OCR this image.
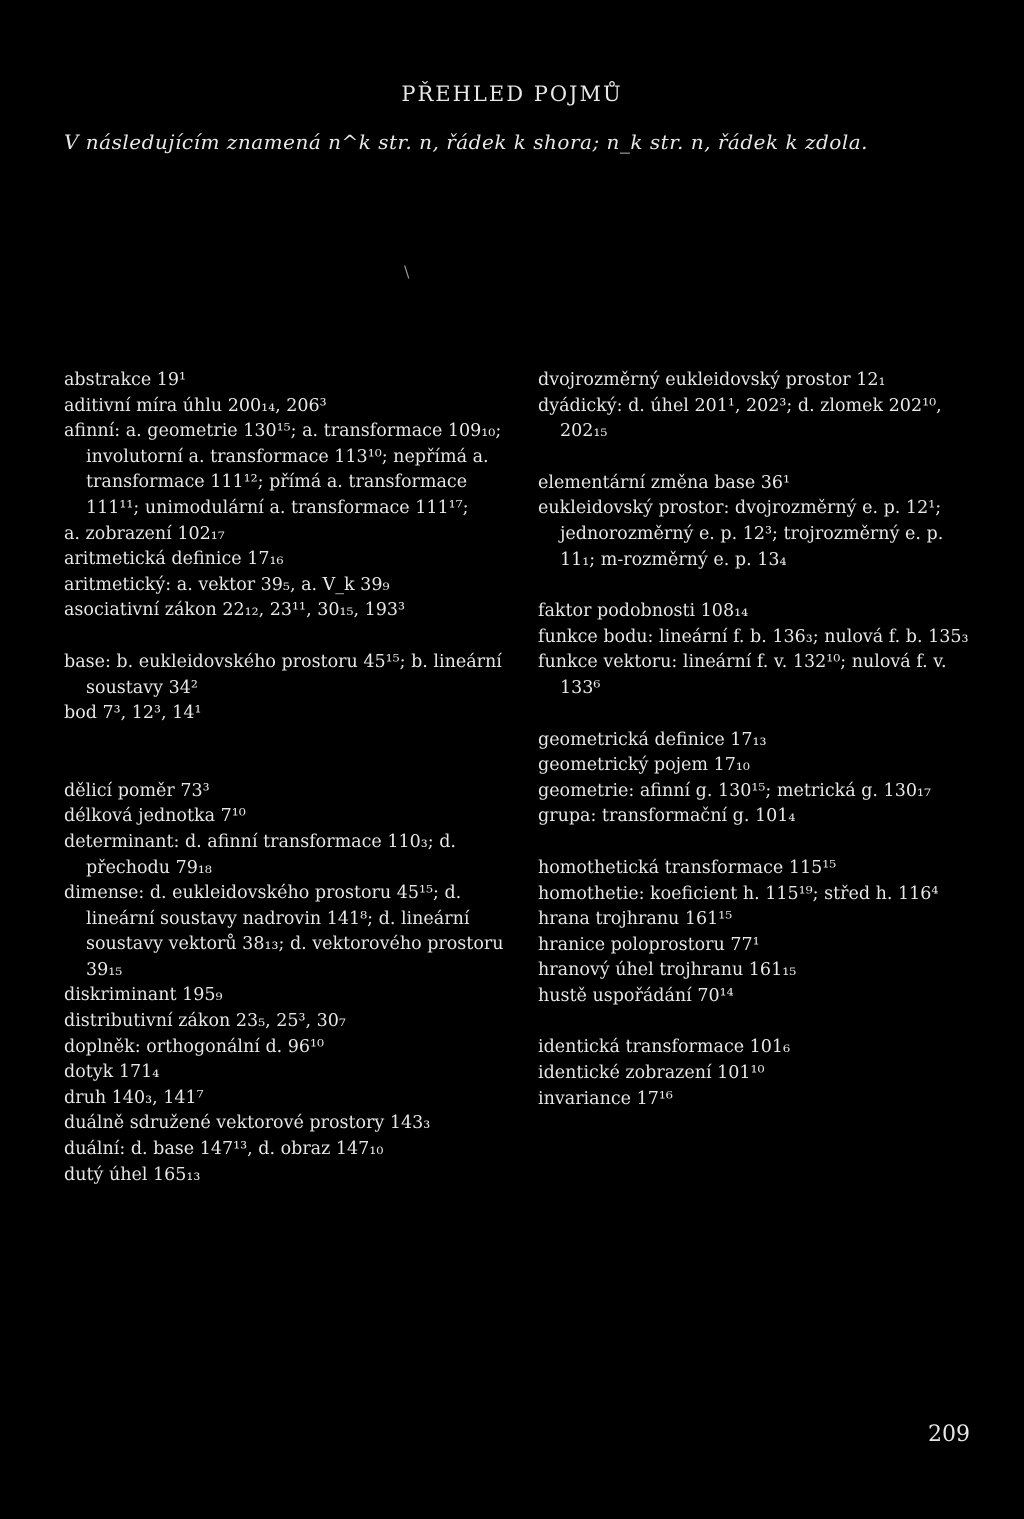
PŘEHLED POJMŮ
V následujícím znamená n^k str. n, řádek k shora; n_k str. n, řádek k zdola.
\
abstrakce 19¹
aditivní míra úhlu 200₁₄, 206³
afinní: a. geometrie 130¹⁵; a. transformace 109₁₀; involutorní a. transformace 113¹⁰; nepřímá a. transformace 111¹²; přímá a. transformace 111¹¹; unimodulární a. transformace 111¹⁷;
a. zobrazení 102₁₇
aritmetická definice 17₁₆
aritmetický: a. vektor 39₅, a. V_k 39₉
asociativní zákon 22₁₂, 23¹¹, 30₁₅, 193³
base: b. eukleidovského prostoru 45¹⁵; b. lineární soustavy 34²
bod 7³, 12³, 14¹
dělicí poměr 73³
délková jednotka 7¹⁰
determinant: d. afinní transformace 110₃; d. přechodu 79₁₈
dimense: d. eukleidovského prostoru 45¹⁵; d. lineární soustavy nadrovin 141⁸; d. lineární soustavy vektorů 38₁₃; d. vektorového prostoru 39₁₅
diskriminant 195₉
distributivní zákon 23₅, 25³, 30₇
doplněk: orthogonální d. 96¹⁰
dotyk 171₄
druh 140₃, 141⁷
duálně sdružené vektorové prostory 143₃
duální: d. base 147¹³, d. obraz 147₁₀
dutý úhel 165₁₃
dvojrozměrný eukleidovský prostor 12₁
dyádický: d. úhel 201¹, 202³; d. zlomek 202¹⁰, 202₁₅
elementární změna base 36¹
eukleidovský prostor: dvojrozměrný e. p. 12¹; jednorozměrný e. p. 12³; trojrozměrný e. p. 11₁; m-rozměrný e. p. 13₄
faktor podobnosti 108₁₄
funkce bodu: lineární f. b. 136₃; nulová f. b. 135₃
funkce vektoru: lineární f. v. 132¹⁰; nulová f. v. 133⁶
geometrická definice 17₁₃
geometrický pojem 17₁₀
geometrie: afinní g. 130¹⁵; metrická g. 130₁₇
grupa: transformační g. 101₄
homothetická transformace 115¹⁵
homothetie: koeficient h. 115¹⁹; střed h. 116⁴
hrana trojhranu 161¹⁵
hranice poloprostoru 77¹
hranový úhel trojhranu 161₁₅
hustě uspořádání 70¹⁴
identická transformace 101₆
identické zobrazení 101¹⁰
invariance 17¹⁶
209
